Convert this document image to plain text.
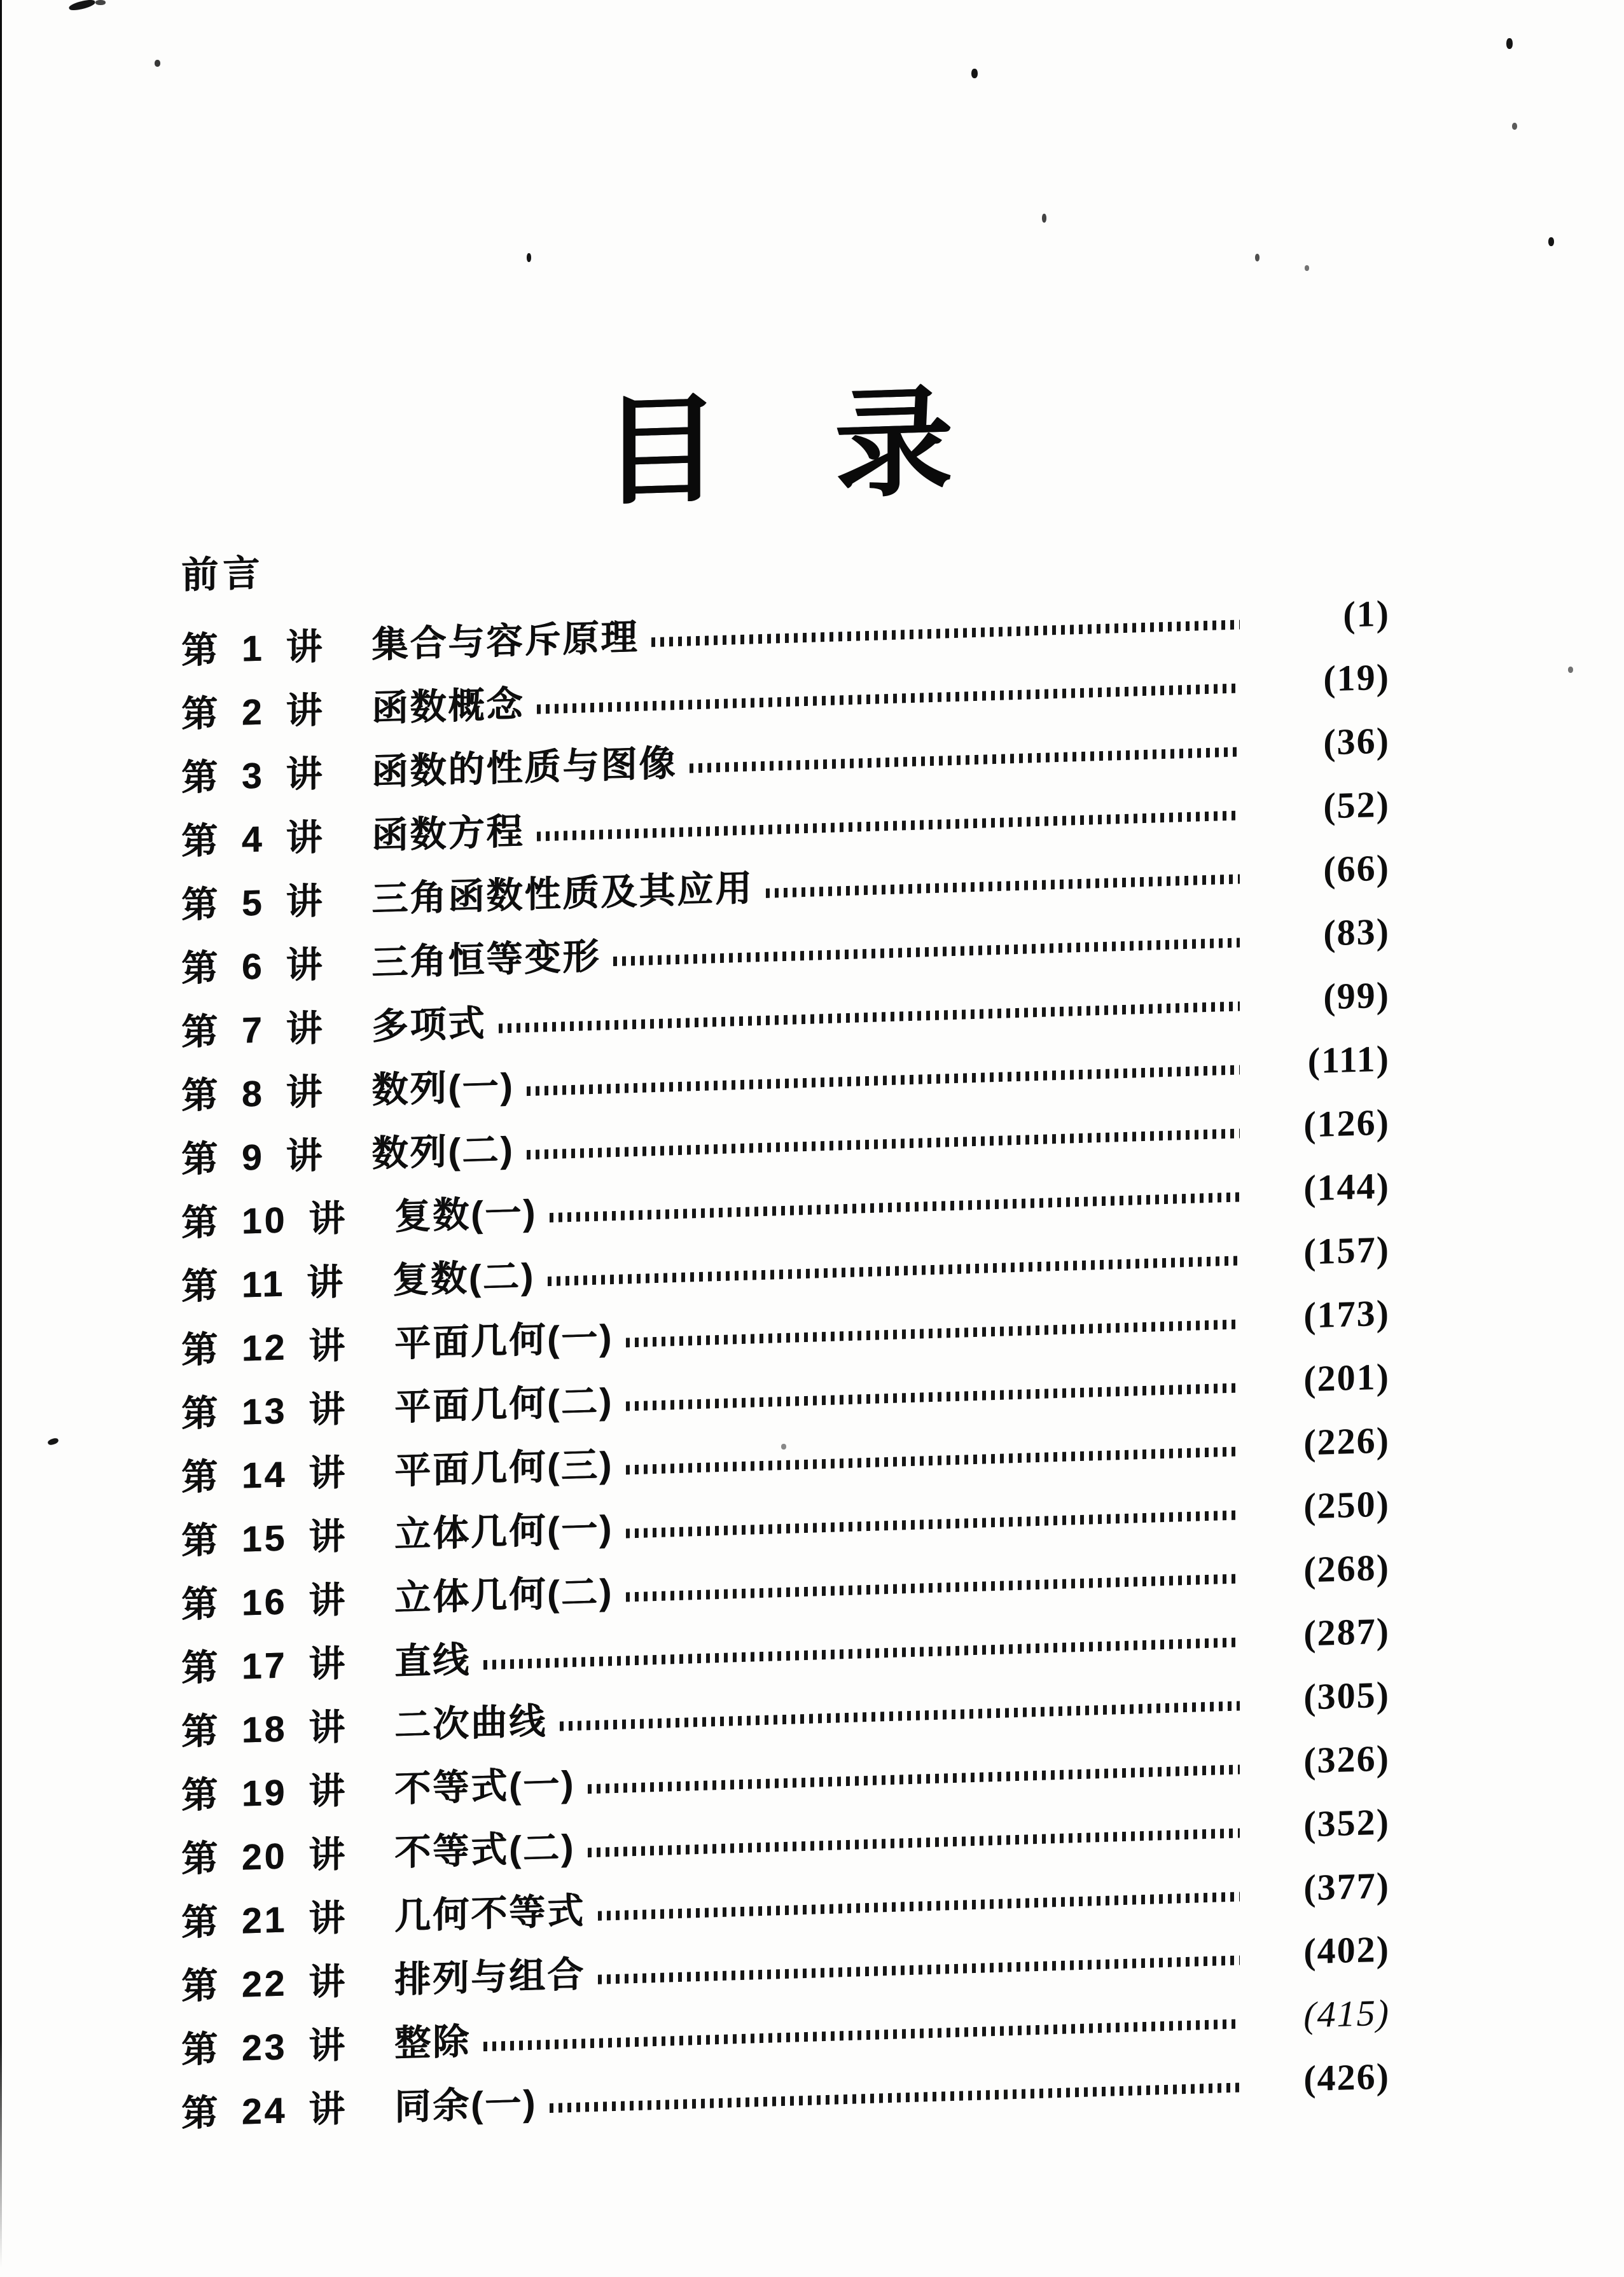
目 录
前言
第 1 讲 集合与容斥原理
(1)
第 2 讲 函数概念
(19)
第 3 讲 函数的性质与图像
(36)
第 4 讲 函数方程
(52)
第 5 讲 三角函数性质及其应用	(66)
第 6 讲 三角恒等变形
(83)
第 7 讲 多项式
(99)
第 8 讲 数列(一)
(111)
第 9 讲 数列(二)
(126)
第 10 讲 复数(一)
(144)
第 11 讲 复数(二)
(157)
第 12 讲 平面几何(一)
(173)
第 13 讲 平面几何(二)
(201)
第 14 讲 平面几何(三)
(226)
第 15 讲 立体几何(一)
(250)
第 16 讲 立体几何(二)
(268)
第 17 讲 直线
(287)
第 18 讲 二次曲线
(305)
第 19 讲 不等式(一)
(326)
第 20 讲 不等式(二)
(352)
第 21 讲 几何不等式
(377)
第 22 讲 排列与组合
(402)
第 23 讲 整除
(415)
第 24 讲 同余(一)
(426)
